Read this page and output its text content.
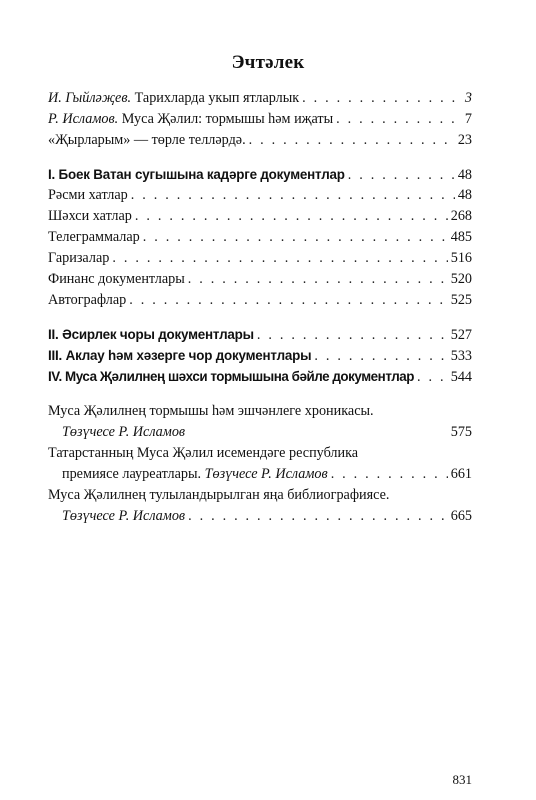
Эчтәлек
И. Гыйләҗев. Тарихларда укып ятларлык . . .	3
Р. Исламов. Муса Җәлил: тормышы һәм иҗаты . . .	7
«Җырларым» — төрле телләрдә. . . .	23
I. Боек Ватан сугышына кадәрге документлар . . .	48
Рәсми хатлар . . .	48
Шәхси хатлар . . .	268
Телеграммалар . . .	485
Гаризалар . . .	516
Финанс документлары . . .	520
Автографлар . . .	525
II. Әсирлек чоры документлары . . .	527
III. Аклау һәм хәзерге чор документлары . . .	533
IV. Муса Җәлилнең шәхси тормышына бәйле документлар . . .	544
Муса Җәлилнең тормышы һәм эшчәнлеге хроникасы.
Төзүчесе Р. Исламов	575
Татарстанның Муса Җәлил исемендәге республика
премиясе лауреатлары. Төзүчесе Р. Исламов . . .	661
Муса Җәлилнең тулыландырылган яңа библиографиясе.
Төзүчесе Р. Исламов . . .	665
831
